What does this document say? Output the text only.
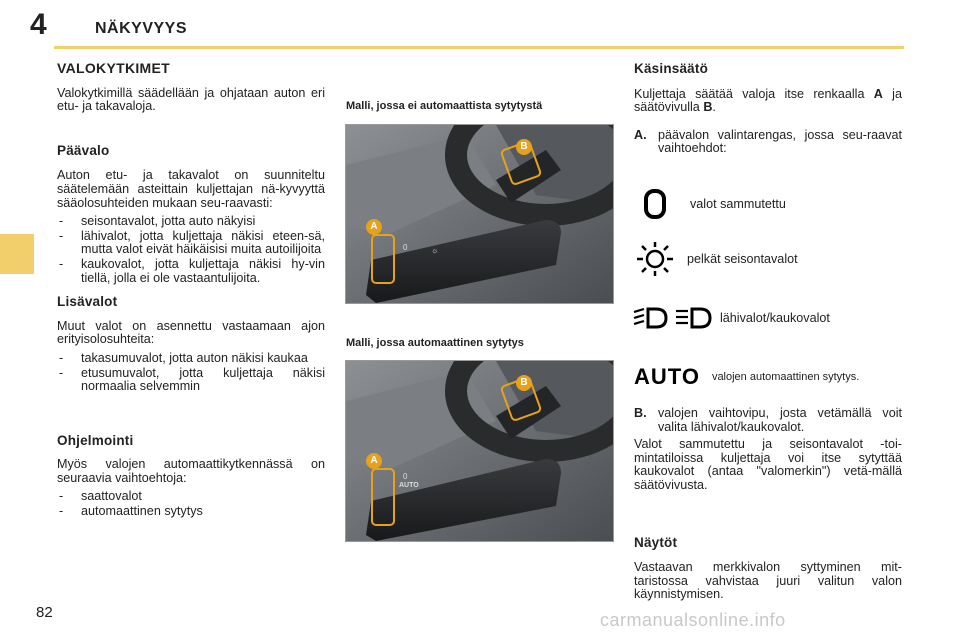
4	NÄKYVYYS
VALOKYTKIMET

Valokytkimillä säädellään ja ohjataan auton eri etu- ja takavaloja.

Päävalo

Auton etu- ja takavalot on suunniteltu säätelemään asteittain kuljettajan nä-kyvyyttä sääolosuhteiden mukaan seu-raavasti:

- seisontavalot, jotta auto näkyisi
- lähivalot, jotta kuljettaja näkisi eteen-sä, mutta valot eivät häikäisisi muita autoilijoita
- kaukovalot, jotta kuljettaja näkisi hy-vin tiellä, jolla ei ole vastaantulijoita.
Lisävalot

Muut valot on asennettu vastaamaan ajon erityisolosuhteita:

- takasumuvalot, jotta auton näkisi kaukaa
- etusumuvalot, jotta kuljettaja näkisi normaalia selvemmin
Ohjelmointi

Myös valojen automaattikytkennässä on seuraavia vaihtoehtoja:

- saattovalot
- automaattinen sytytys
Malli, jossa ei automaattista sytytystä
Malli, jossa automaattinen sytytys
0	☼
A
B
0
AUTO
A
B
Käsinsäätö

Kuljettaja säätää valoja itse renkaalla A ja säätövivulla B.

A. päävalon valintarengas, jossa seu-raavat vaihtoehdot:
valot sammutettu
pelkät seisontavalot
lähivalot/kaukovalot
AUTO valojen automaattinen sytytys.
B. valojen vaihtovipu, josta vetämällä voit valita lähivalot/kaukovalot.

Valot sammutettu ja seisontavalot -toi-mintatiloissa kuljettaja voi itse sytyttää kaukovalot (antaa "valomerkin") vetä-mällä säätövivusta.

Näytöt

Vastaavan merkkivalon syttyminen mit-taristossa vahvistaa juuri valitun valon käynnistymisen.

82	carmanualsonline.info
